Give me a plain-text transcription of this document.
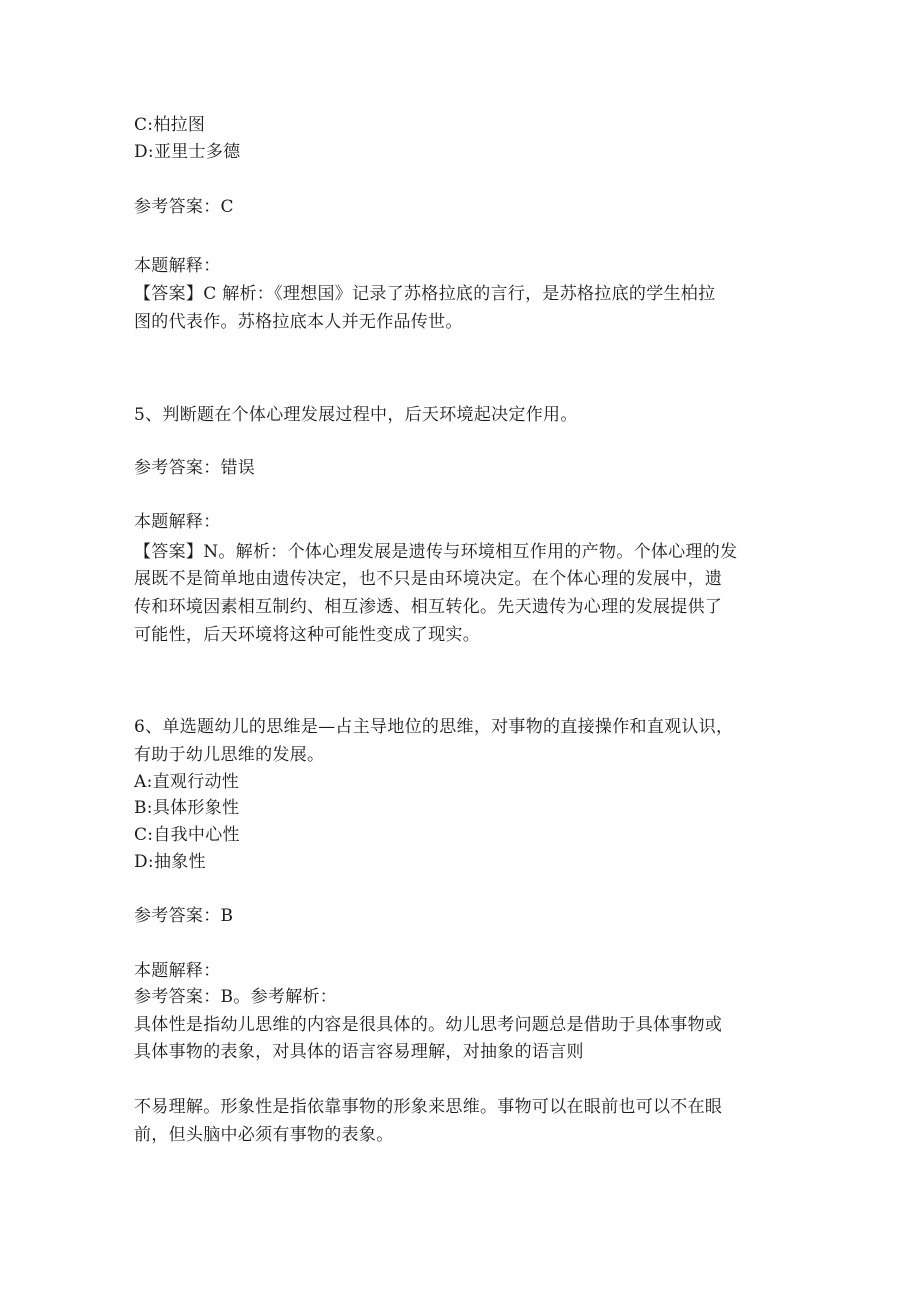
C:柏拉图

D:亚里士多德

参考答案：C

本题解释：

【答案】C 解析：《理想国》记录了苏格拉底的言行，是苏格拉底的学生柏拉

图的代表作。苏格拉底本人并无作品传世。

5、判断题在个体心理发展过程中，后天环境起决定作用。

参考答案：错误

本题解释：

【答案】N。解析：个体心理发展是遗传与环境相互作用的产物。个体心理的发

展既不是简单地由遗传决定，也不只是由环境决定。在个体心理的发展中，遗

传和环境因素相互制约、相互渗透、相互转化。先天遗传为心理的发展提供了

可能性，后天环境将这种可能性变成了现实。

6、单选题幼儿的思维是—占主导地位的思维，对事物的直接操作和直观认识，

有助于幼儿思维的发展。

A:直观行动性

B:具体形象性

C:自我中心性

D:抽象性

参考答案：B

本题解释：

参考答案：B。参考解析：

具体性是指幼儿思维的内容是很具体的。幼儿思考问题总是借助于具体事物或

具体事物的表象，对具体的语言容易理解，对抽象的语言则

不易理解。形象性是指依靠事物的形象来思维。事物可以在眼前也可以不在眼

前，但头脑中必须有事物的表象。
